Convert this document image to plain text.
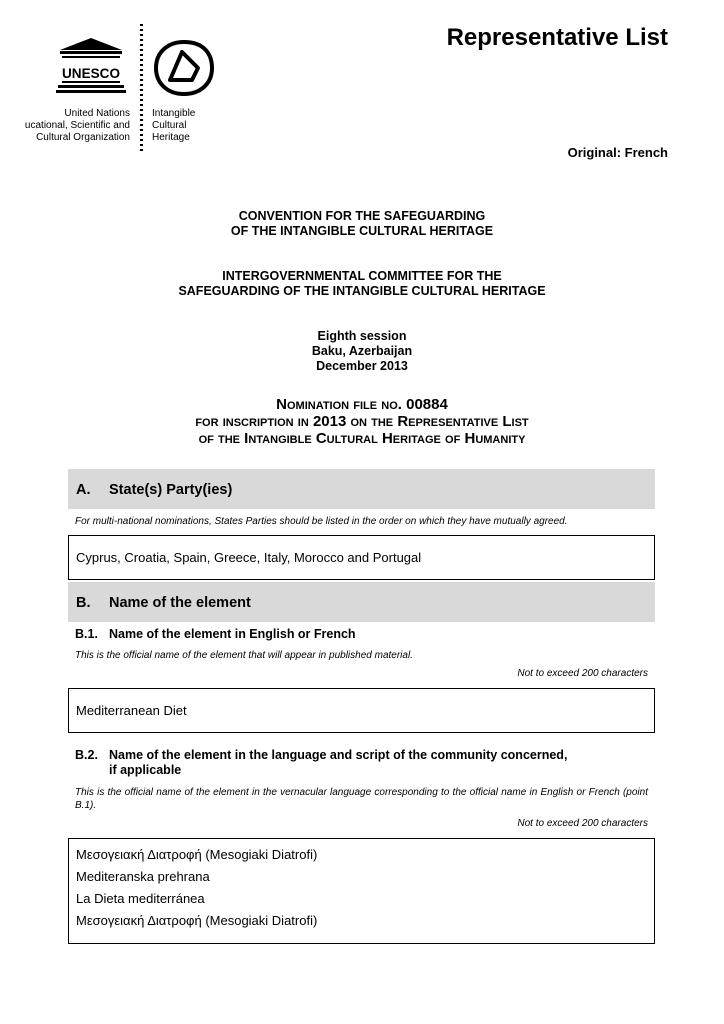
UNESCO
United Nations
ucational, Scientific and
Cultural Organization
Intangible
Cultural
Heritage
Representative List
Original: French
CONVENTION FOR THE SAFEGUARDING
OF THE INTANGIBLE CULTURAL HERITAGE
INTERGOVERNMENTAL COMMITTEE FOR THE
SAFEGUARDING OF THE INTANGIBLE CULTURAL HERITAGE
Eighth session
Baku, Azerbaijan
December 2013
Nomination file no. 00884
for inscription in 2013 on the Representative List
of the Intangible Cultural Heritage of Humanity
A. State(s) Party(ies)
For multi-national nominations, States Parties should be listed in the order on which they have mutually agreed.
Cyprus, Croatia, Spain, Greece, Italy, Morocco and Portugal
B. Name of the element
B.1. Name of the element in English or French
This is the official name of the element that will appear in published material.
Not to exceed 200 characters
Mediterranean Diet
B.2. Name of the element in the language and script of the community concerned,
if applicable
This is the official name of the element in the vernacular language corresponding to the official name in English or French (point B.1).
Not to exceed 200 characters
Μεσογειακή Διατροφή (Mesogiaki Diatrofi)
Mediteranska prehrana
La Dieta mediterránea
Μεσογειακή Διατροφή (Mesogiaki Diatrofi)
